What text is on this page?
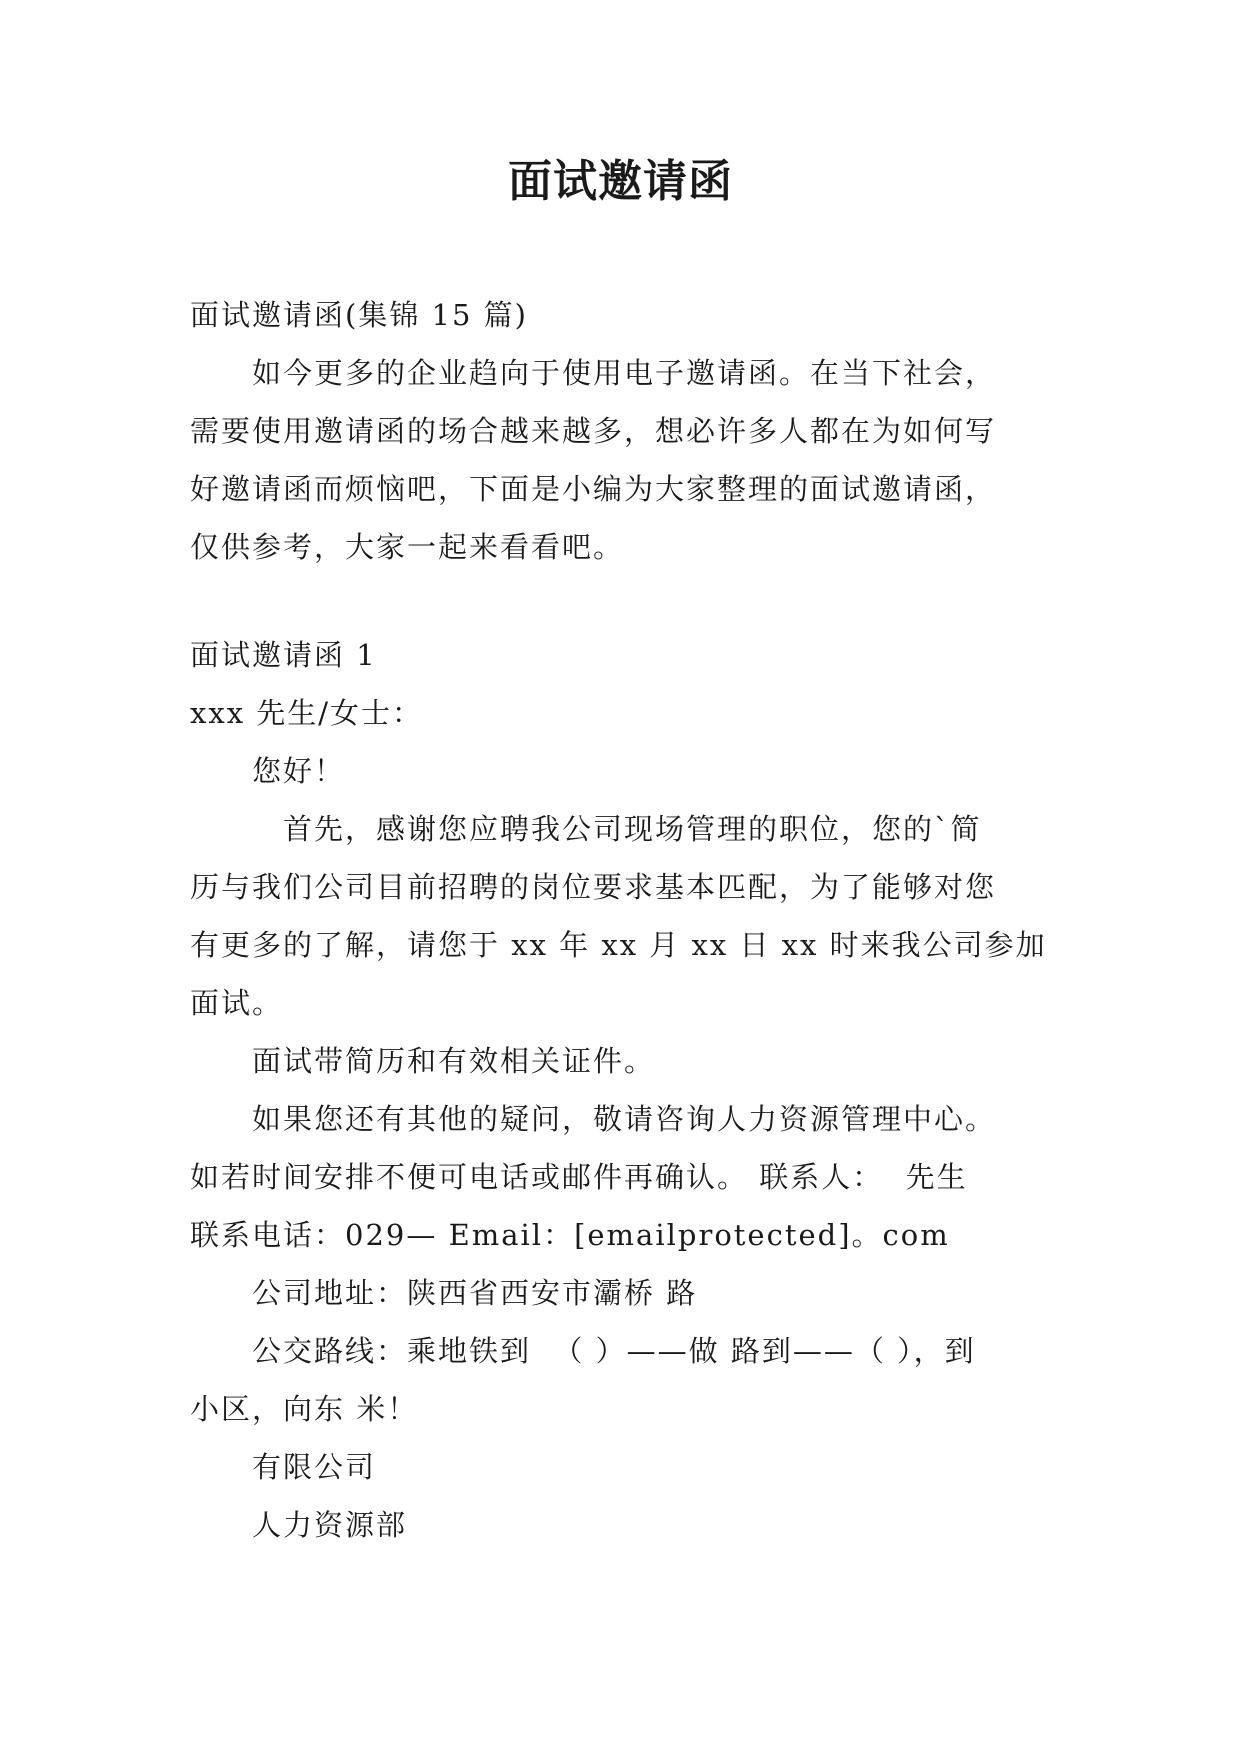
面试邀请函
面试邀请函(集锦 15 篇)
　　如今更多的企业趋向于使用电子邀请函。在当下社会，
需要使用邀请函的场合越来越多，想必许多人都在为如何写
好邀请函而烦恼吧，下面是小编为大家整理的面试邀请函，
仅供参考，大家一起来看看吧。
面试邀请函 1
xxx 先生/女士：
　　您好！
　　　首先，感谢您应聘我公司现场管理的职位，您的`简
历与我们公司目前招聘的岗位要求基本匹配，为了能够对您
有更多的了解，请您于 xx 年 xx 月 xx 日 xx 时来我公司参加
面试。
　　面试带简历和有效相关证件。
　　如果您还有其他的疑问，敬请咨询人力资源管理中心。
如若时间安排不便可电话或邮件再确认。 联系人：  先生
联系电话：029— Email：[emailprotected]。com
　　公司地址：陕西省西安市灞桥 路
　　公交路线：乘地铁到  （ ）——做 路到——（ ），到
小区，向东 米！
　　有限公司
　　人力资源部
